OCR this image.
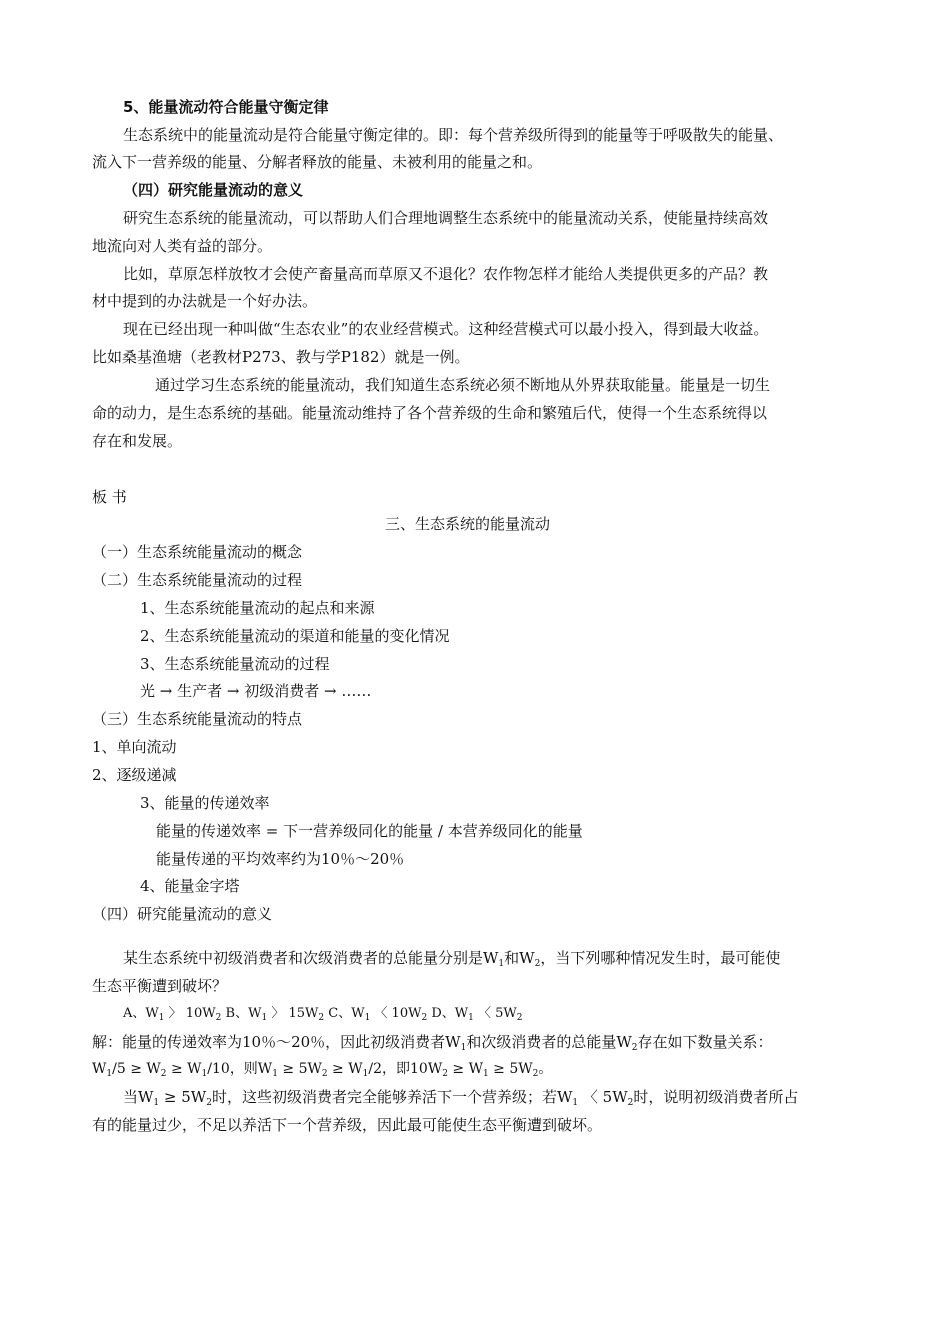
5、能量流动符合能量守衡定律
生态系统中的能量流动是符合能量守衡定律的。即：每个营养级所得到的能量等于呼吸散失的能量、
流入下一营养级的能量、分解者释放的能量、未被利用的能量之和。
（四）研究能量流动的意义
研究生态系统的能量流动，可以帮助人们合理地调整生态系统中的能量流动关系，使能量持续高效
地流向对人类有益的部分。
比如，草原怎样放牧才会使产畜量高而草原又不退化？农作物怎样才能给人类提供更多的产品？教
材中提到的办法就是一个好办法。
现在已经出现一种叫做“生态农业”的农业经营模式。这种经营模式可以最小投入，得到最大收益。
比如桑基渔塘（老教材P273、教与学P182）就是一例。
通过学习生态系统的能量流动，我们知道生态系统必须不断地从外界获取能量。能量是一切生
命的动力，是生态系统的基础。能量流动维持了各个营养级的生命和繁殖后代，使得一个生态系统得以
存在和发展。
板 书
三、生态系统的能量流动
（一）生态系统能量流动的概念
（二）生态系统能量流动的过程
1、生态系统能量流动的起点和来源
2、生态系统能量流动的渠道和能量的变化情况
3、生态系统能量流动的过程
光 → 生产者 → 初级消费者 → ……
（三）生态系统能量流动的特点
1、单向流动
2、逐级递减
3、能量的传递效率
能量的传递效率 = 下一营养级同化的能量 / 本营养级同化的能量
能量传递的平均效率约为10％～20％
4、能量金字塔
（四）研究能量流动的意义
某生态系统中初级消费者和次级消费者的总能量分别是$W_1$和$W_2$，当下列哪种情况发生时，最可能使
生态平衡遭到破坏？
A、$W_1$ 〉 $10W_2$ B、$W_1$ 〉 $15W_2$ C、$W_1$ 〈 $10W_2$ D、$W_1$ 〈 $5W_2$
解：能量的传递效率为10％～20％，因此初级消费者$W_1$和次级消费者的总能量$W_2$存在如下数量关系：
$W_1/5 \ge W_2 \ge W_1/10$，则$W_1 \ge 5W_2 \ge W_1/2$，即$10W_2 \ge W_1 \ge 5W_2$。
当$W_1 \ge 5W_2$时，这些初级消费者完全能够养活下一个营养级；若$W_1$ 〈 $5W_2$时，说明初级消费者所占
有的能量过少，不足以养活下一个营养级，因此最可能使生态平衡遭到破坏。
